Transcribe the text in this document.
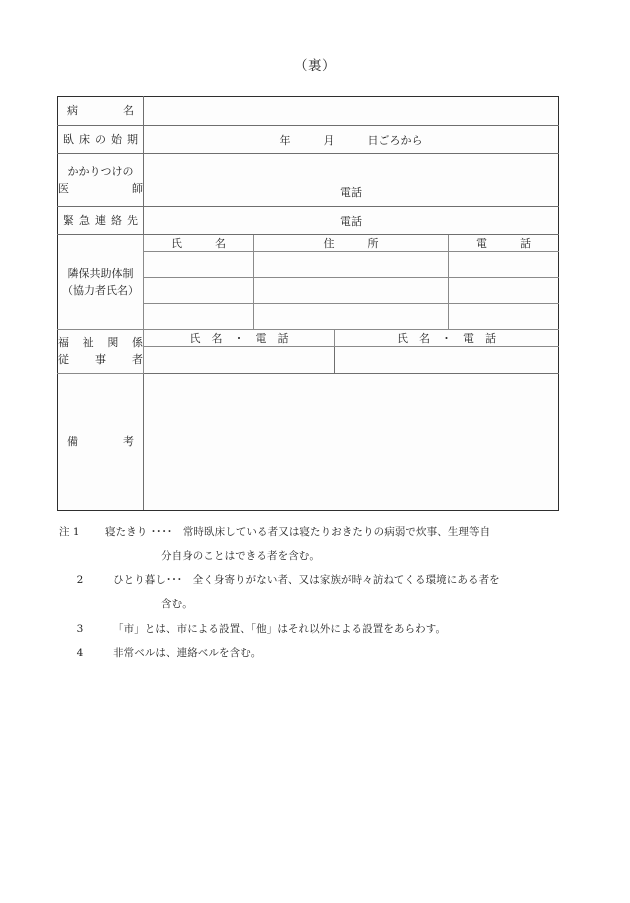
（裏）
病　　　名				

臥床の始期	年　　　月　　　日ごろから			

かかりつけの
医　　　師	電話			

緊急連絡先	電話			

隣保共助体制
（協力者氏名）	氏　　　名	住　　　所		電　　　話

福祉関係
従事者	氏　名　・　電　話		氏　名　・　電　話	

備　　　考				

注 1	寝たきり ････　常時臥床している者又は寝たりおきたりの病弱で炊事、生理等自
分自身のことはできる者を含む。
2	ひとり暮し･･･　全く身寄りがない者、又は家族が時々訪ねてくる環境にある者を
含む。
3	「市」とは、市による設置、「他」はそれ以外による設置をあらわす。
4	非常ベルは、連絡ベルを含む。
